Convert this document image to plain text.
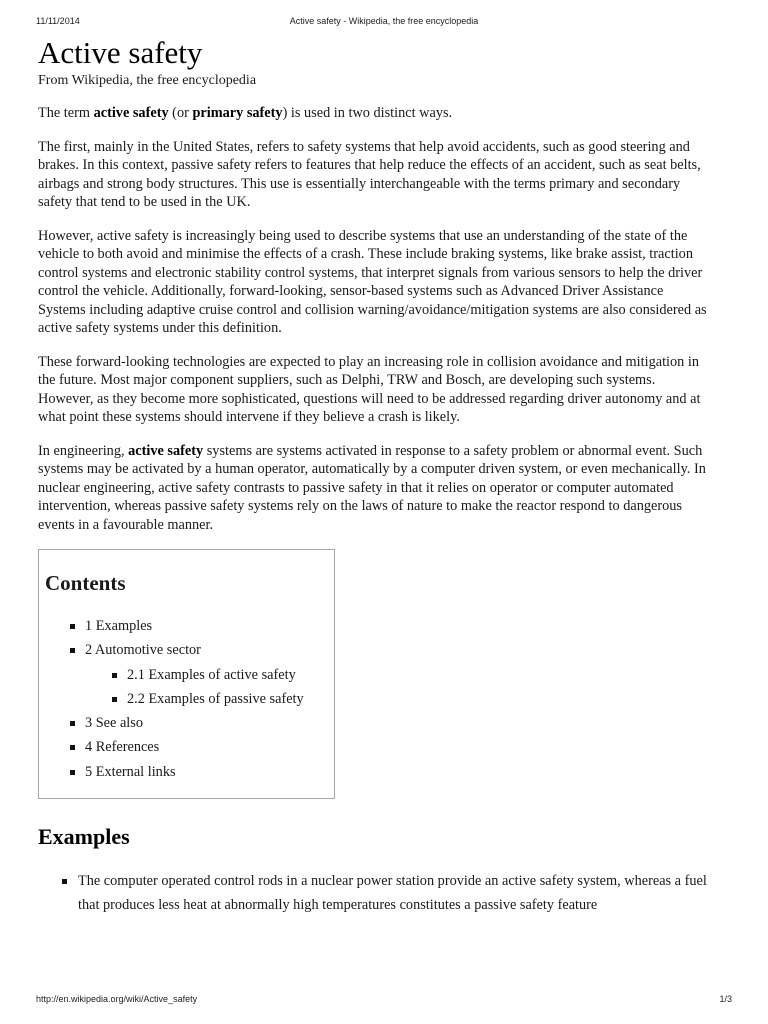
11/11/2014	Active safety - Wikipedia, the free encyclopedia
Active safety
From Wikipedia, the free encyclopedia

The term active safety (or primary safety) is used in two distinct ways.

The first, mainly in the United States, refers to safety systems that help avoid accidents, such as good steering and brakes. In this context, passive safety refers to features that help reduce the effects of an accident, such as seat belts, airbags and strong body structures. This use is essentially interchangeable with the terms primary and secondary safety that tend to be used in the UK.

However, active safety is increasingly being used to describe systems that use an understanding of the state of the vehicle to both avoid and minimise the effects of a crash. These include braking systems, like brake assist, traction control systems and electronic stability control systems, that interpret signals from various sensors to help the driver control the vehicle. Additionally, forward-looking, sensor-based systems such as Advanced Driver Assistance Systems including adaptive cruise control and collision warning/avoidance/mitigation systems are also considered as active safety systems under this definition.

These forward-looking technologies are expected to play an increasing role in collision avoidance and mitigation in the future. Most major component suppliers, such as Delphi, TRW and Bosch, are developing such systems. However, as they become more sophisticated, questions will need to be addressed regarding driver autonomy and at what point these systems should intervene if they believe a crash is likely.

In engineering, active safety systems are systems activated in response to a safety problem or abnormal event. Such systems may be activated by a human operator, automatically by a computer driven system, or even mechanically. In nuclear engineering, active safety contrasts to passive safety in that it relies on operator or computer automated intervention, whereas passive safety systems rely on the laws of nature to make the reactor respond to dangerous events in a favourable manner.

Contents
1 Examples
2 Automotive sector
2.1 Examples of active safety
2.2 Examples of passive safety
3 See also
4 References
5 External links
Examples
The computer operated control rods in a nuclear power station provide an active safety system, whereas a fuel that produces less heat at abnormally high temperatures constitutes a passive safety feature
http://en.wikipedia.org/wiki/Active_safety	1/3
